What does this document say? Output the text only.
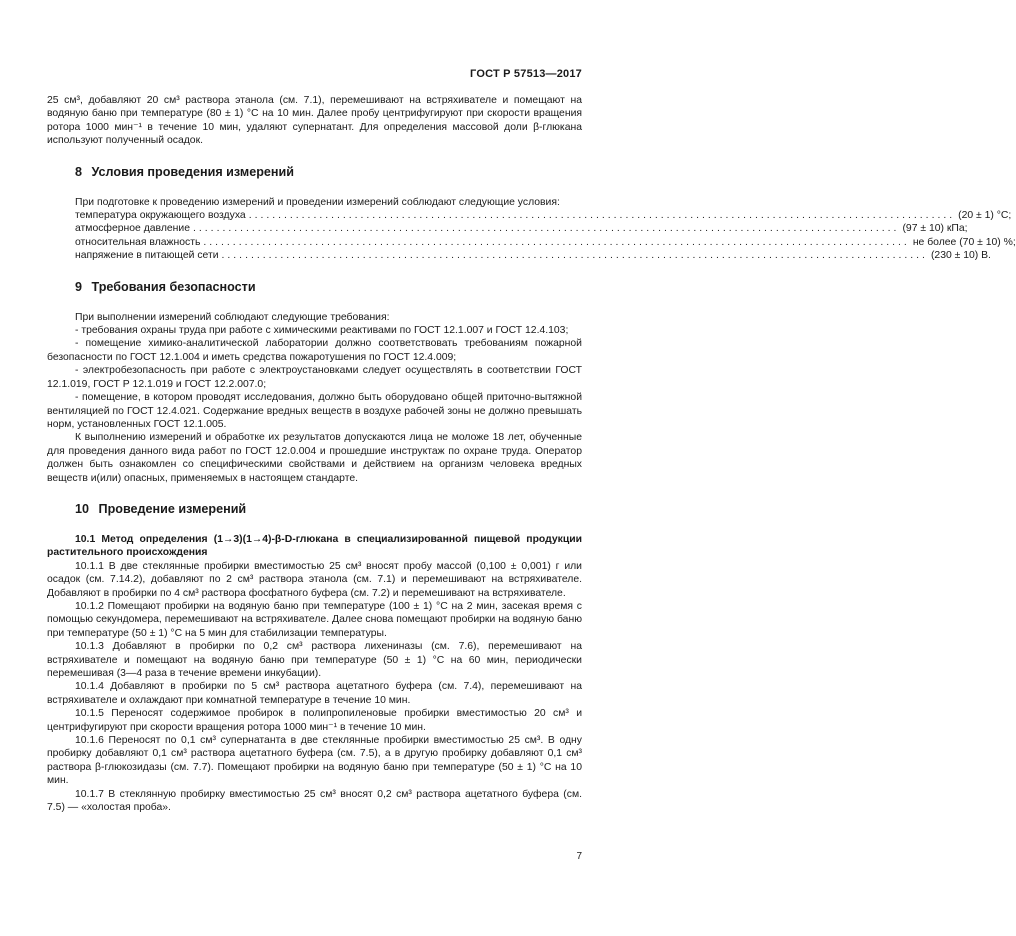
ГОСТ Р 57513—2017

25 см³, добавляют 20 см³ раствора этанола (см. 7.1), перемешивают на встряхивателе и помещают на водяную баню при температуре (80 ± 1) °С на 10 мин. Далее пробу центрифугируют при скорости вращения ротора 1000 мин⁻¹ в течение 10 мин, удаляют супернатант. Для определения массовой доли β-глюкана используют полученный осадок.

8 Условия проведения измерений

При подготовке к проведению измерений и проведении измерений соблюдают следующие условия:

температура окружающего воздуха ........................................................................................................................ (20 ± 1) °С;
атмосферное давление ........................................................................................................................ (97 ± 10) кПа;
относительная влажность ........................................................................................................................ не более (70 ± 10) %;
напряжение в питающей сети ........................................................................................................................ (230 ± 10) В.
9 Требования безопасности

При выполнении измерений соблюдают следующие требования:

- требования охраны труда при работе с химическими реактивами по ГОСТ 12.1.007 и ГОСТ 12.4.103;

- помещение химико-аналитической лаборатории должно соответствовать требованиям пожарной безопасности по ГОСТ 12.1.004 и иметь средства пожаротушения по ГОСТ 12.4.009;

- электробезопасность при работе с электроустановками следует осуществлять в соответствии ГОСТ 12.1.019, ГОСТ Р 12.1.019 и ГОСТ 12.2.007.0;

- помещение, в котором проводят исследования, должно быть оборудовано общей приточно-вытяжной вентиляцией по ГОСТ 12.4.021. Содержание вредных веществ в воздухе рабочей зоны не должно превышать норм, установленных ГОСТ 12.1.005.

К выполнению измерений и обработке их результатов допускаются лица не моложе 18 лет, обученные для проведения данного вида работ по ГОСТ 12.0.004 и прошедшие инструктаж по охране труда. Оператор должен быть ознакомлен со специфическими свойствами и действием на организм человека вредных веществ и(или) опасных, применяемых в настоящем стандарте.

10 Проведение измерений

10.1 Метод определения (1→3)(1→4)-β-D-глюкана в специализированной пищевой продукции растительного происхождения

10.1.1 В две стеклянные пробирки вместимостью 25 см³ вносят пробу массой (0,100 ± 0,001) г или осадок (см. 7.14.2), добавляют по 2 см³ раствора этанола (см. 7.1) и перемешивают на встряхивателе. Добавляют в пробирки по 4 см³ раствора фосфатного буфера (см. 7.2) и перемешивают на встряхивателе.

10.1.2 Помещают пробирки на водяную баню при температуре (100 ± 1) °С на 2 мин, засекая время с помощью секундомера, перемешивают на встряхивателе. Далее снова помещают пробирки на водяную баню при температуре (50 ± 1) °С на 5 мин для стабилизации температуры.

10.1.3 Добавляют в пробирки по 0,2 см³ раствора лихениназы (см. 7.6), перемешивают на встряхивателе и помещают на водяную баню при температуре (50 ± 1) °С на 60 мин, периодически перемешивая (3—4 раза в течение времени инкубации).

10.1.4 Добавляют в пробирки по 5 см³ раствора ацетатного буфера (см. 7.4), перемешивают на встряхивателе и охлаждают при комнатной температуре в течение 10 мин.

10.1.5 Переносят содержимое пробирок в полипропиленовые пробирки вместимостью 20 см³ и центрифугируют при скорости вращения ротора 1000 мин⁻¹ в течение 10 мин.

10.1.6 Переносят по 0,1 см³ супернатанта в две стеклянные пробирки вместимостью 25 см³. В одну пробирку добавляют 0,1 см³ раствора ацетатного буфера (см. 7.5), а в другую пробирку добавляют 0,1 см³ раствора β-глюкозидазы (см. 7.7). Помещают пробирки на водяную баню при температуре (50 ± 1) °С на 10 мин.

10.1.7 В стеклянную пробирку вместимостью 25 см³ вносят 0,2 см³ раствора ацетатного буфера (см. 7.5) — «холостая проба».

7
